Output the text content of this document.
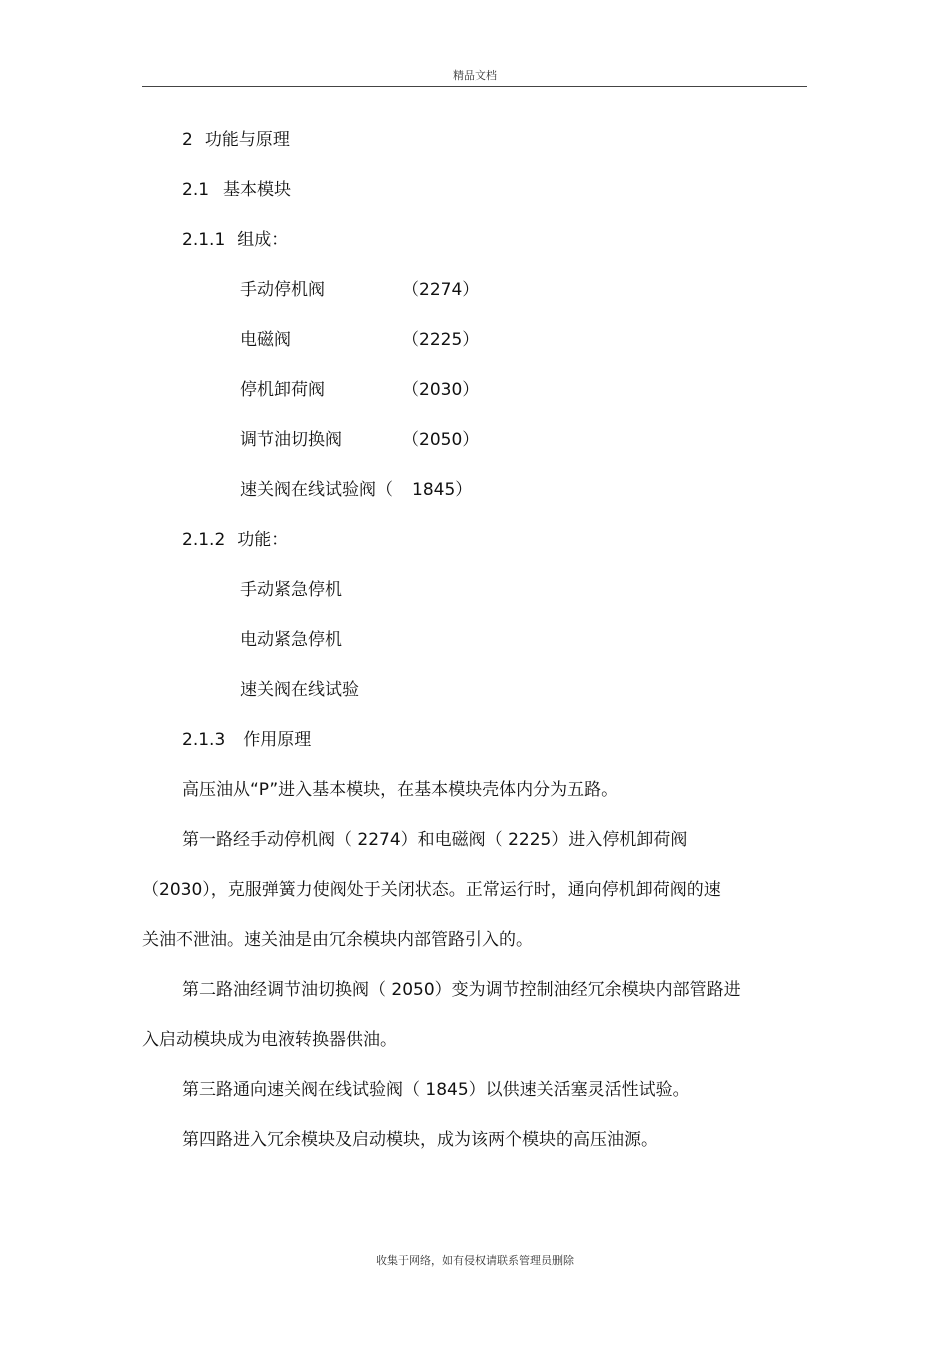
精品文档
2 功能与原理
2.1 基本模块
2.1.1 组成：
手动停机阀	（2274）
电磁阀	（2225）
停机卸荷阀	（2030）
调节油切换阀	（2050）
速关阀在线试验阀（ 1845）
2.1.2 功能：
手动紧急停机
电动紧急停机
速关阀在线试验
2.1.3 作用原理
高压油从“P”进入基本模块，在基本模块壳体内分为五路。
第一路经手动停机阀（ 2274）和电磁阀（ 2225）进入停机卸荷阀
（2030），克服弹簧力使阀处于关闭状态。正常运行时，通向停机卸荷阀的速
关油不泄油。速关油是由冗余模块内部管路引入的。
第二路油经调节油切换阀（ 2050）变为调节控制油经冗余模块内部管路进
入启动模块成为电液转换器供油。
第三路通向速关阀在线试验阀（ 1845）以供速关活塞灵活性试验。
第四路进入冗余模块及启动模块，成为该两个模块的高压油源。
收集于网络，如有侵权请联系管理员删除
